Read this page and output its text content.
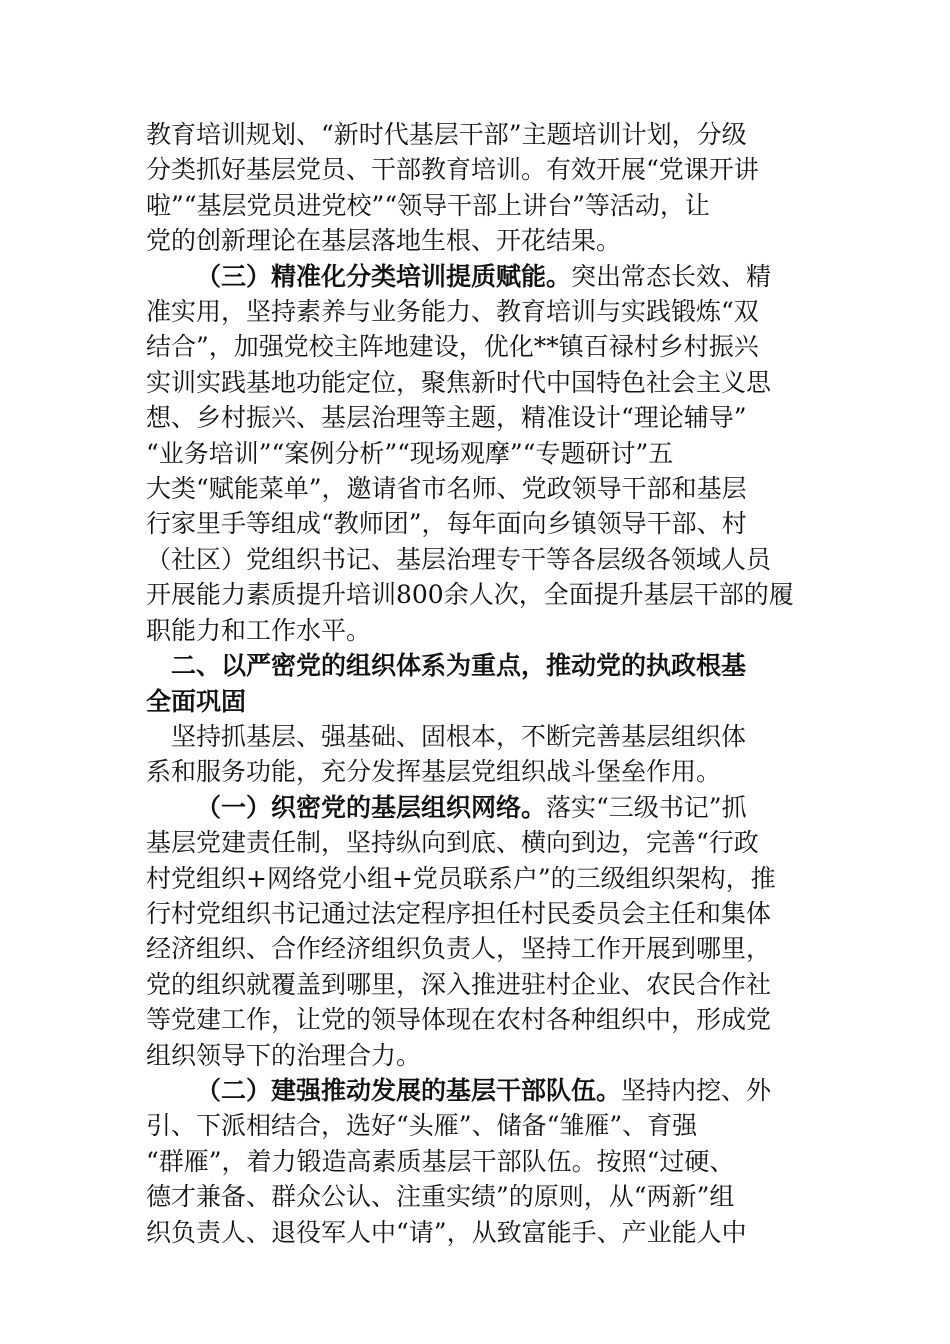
教育培训规划、“新时代基层干部”主题培训计划，分级
分类抓好基层党员、干部教育培训。有效开展“党课开讲
啦”“基层党员进党校”“领导干部上讲台”等活动，让
党的创新理论在基层落地生根、开花结果。
（三）精准化分类培训提质赋能。突出常态长效、精
准实用，坚持素养与业务能力、教育培训与实践锻炼“双
结合”，加强党校主阵地建设，优化**镇百禄村乡村振兴
实训实践基地功能定位，聚焦新时代中国特色社会主义思
想、乡村振兴、基层治理等主题，精准设计“理论辅导”
“业务培训”“案例分析”“现场观摩”“专题研讨”五
大类“赋能菜单”，邀请省市名师、党政领导干部和基层
行家里手等组成“教师团”，每年面向乡镇领导干部、村
（社区）党组织书记、基层治理专干等各层级各领域人员
开展能力素质提升培训800余人次，全面提升基层干部的履
职能力和工作水平。
二、以严密党的组织体系为重点，推动党的执政根基
全面巩固
坚持抓基层、强基础、固根本，不断完善基层组织体
系和服务功能，充分发挥基层党组织战斗堡垒作用。
（一）织密党的基层组织网络。落实“三级书记”抓
基层党建责任制，坚持纵向到底、横向到边，完善“行政
村党组织+网络党小组+党员联系户”的三级组织架构，推
行村党组织书记通过法定程序担任村民委员会主任和集体
经济组织、合作经济组织负责人，坚持工作开展到哪里，
党的组织就覆盖到哪里，深入推进驻村企业、农民合作社
等党建工作，让党的领导体现在农村各种组织中，形成党
组织领导下的治理合力。
（二）建强推动发展的基层干部队伍。坚持内挖、外
引、下派相结合，选好“头雁”、储备“雏雁”、育强
“群雁”，着力锻造高素质基层干部队伍。按照“过硬、
德才兼备、群众公认、注重实绩”的原则，从“两新”组
织负责人、退役军人中“请”，从致富能手、产业能人中
